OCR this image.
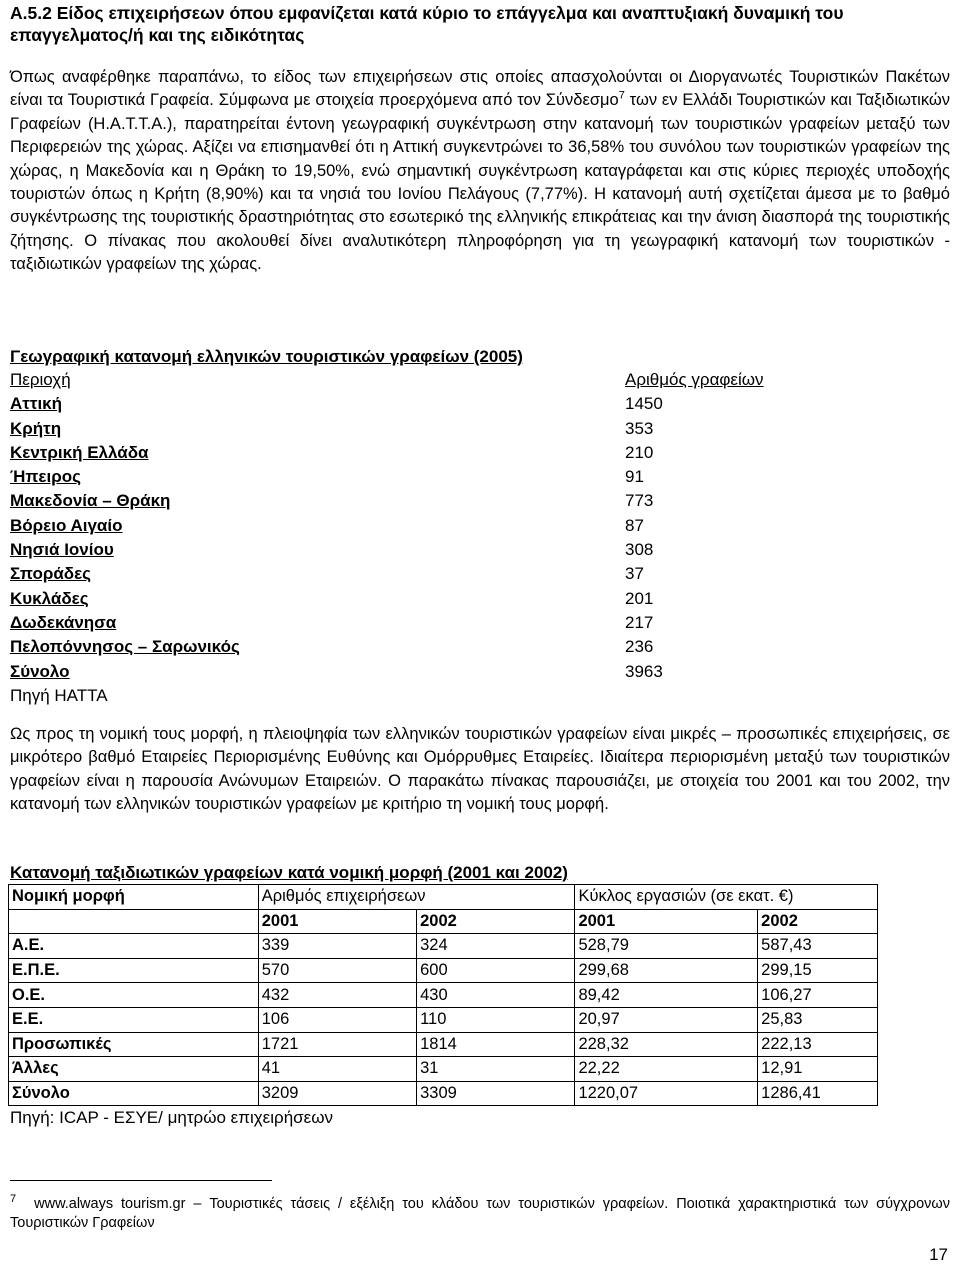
A.5.2 Είδος επιχειρήσεων όπου εμφανίζεται κατά κύριο το επάγγελμα και αναπτυξιακή δυναμική του επαγγελματος/ή και της ειδικότητας

Όπως αναφέρθηκε παραπάνω, το είδος των επιχειρήσεων στις οποίες απασχολούνται οι Διοργανωτές Τουριστικών Πακέτων είναι τα Τουριστικά Γραφεία. Σύμφωνα με στοιχεία προερχόμενα από τον Σύνδεσμο$^7$ των εν Ελλάδι Τουριστικών και Ταξιδιωτικών Γραφείων (Η.Α.Τ.Τ.Α.), παρατηρείται έντονη γεωγραφική συγκέντρωση στην κατανομή των τουριστικών γραφείων μεταξύ των Περιφερειών της χώρας. Αξίζει να επισημανθεί ότι η Αττική συγκεντρώνει το 36,58% του συνόλου των τουριστικών γραφείων της χώρας, η Μακεδονία και η Θράκη το 19,50%, ενώ σημαντική συγκέντρωση καταγράφεται και στις κύριες περιοχές υποδοχής τουριστών όπως η Κρήτη (8,90%) και τα νησιά του Ιονίου Πελάγους (7,77%). Η κατανομή αυτή σχετίζεται άμεσα με το βαθμό συγκέντρωσης της τουριστικής δραστηριότητας στο εσωτερικό της ελληνικής επικράτειας και την άνιση διασπορά της τουριστικής ζήτησης. Ο πίνακας που ακολουθεί δίνει αναλυτικότερη πληροφόρηση για τη γεωγραφική κατανομή των τουριστικών - ταξιδιωτικών γραφείων της χώρας.

Γεωγραφική κατανομή ελληνικών τουριστικών γραφείων (2005)
Περιοχή	Αριθμός γραφείων
Αττική	1450
Κρήτη	353
Κεντρική Ελλάδα	210
Ήπειρος	91
Μακεδονία – Θράκη	773
Βόρειο Αιγαίο	87
Νησιά Ιονίου	308
Σποράδες	37
Κυκλάδες	201
Δωδεκάνησα	217
Πελοπόννησος – Σαρωνικός	236
Σύνολο	3963
Πηγή ΗΑΤΤΑ

Ως προς τη νομική τους μορφή, η πλειοψηφία των ελληνικών τουριστικών γραφείων είναι μικρές – προσωπικές επιχειρήσεις, σε μικρότερο βαθμό Εταιρείες Περιορισμένης Ευθύνης και Ομόρρυθμες Εταιρείες. Ιδιαίτερα περιορισμένη μεταξύ των τουριστικών γραφείων είναι η παρουσία Ανώνυμων Εταιρειών. Ο παρακάτω πίνακας παρουσιάζει, με στοιχεία του 2001 και του 2002, την κατανομή των ελληνικών τουριστικών γραφείων με κριτήριο τη νομική τους μορφή.

Κατανομή ταξιδιωτικών γραφείων κατά νομική μορφή (2001 και 2002)
Νομική μορφή	Αριθμός επιχειρήσεων		Κύκλος εργασιών (σε εκατ. €)	
	2001	2002	2001	2002
Α.Ε.	339	324	528,79	587,43
Ε.Π.Ε.	570	600	299,68	299,15
Ο.Ε.	432	430	89,42	106,27
Ε.Ε.	106	110	20,97	25,83
Προσωπικές	1721	1814	228,32	222,13
Άλλες	41	31	22,22	12,91
Σύνολο	3209	3309	1220,07	1286,41
Πηγή: ICAP - ΕΣΥΕ/ μητρώο επιχειρήσεων
$^7$ www.always tourism.gr – Τουριστικές τάσεις / εξέλιξη του κλάδου των τουριστικών γραφείων. Ποιοτικά χαρακτηριστικά των σύγχρονων Τουριστικών Γραφείων
17
